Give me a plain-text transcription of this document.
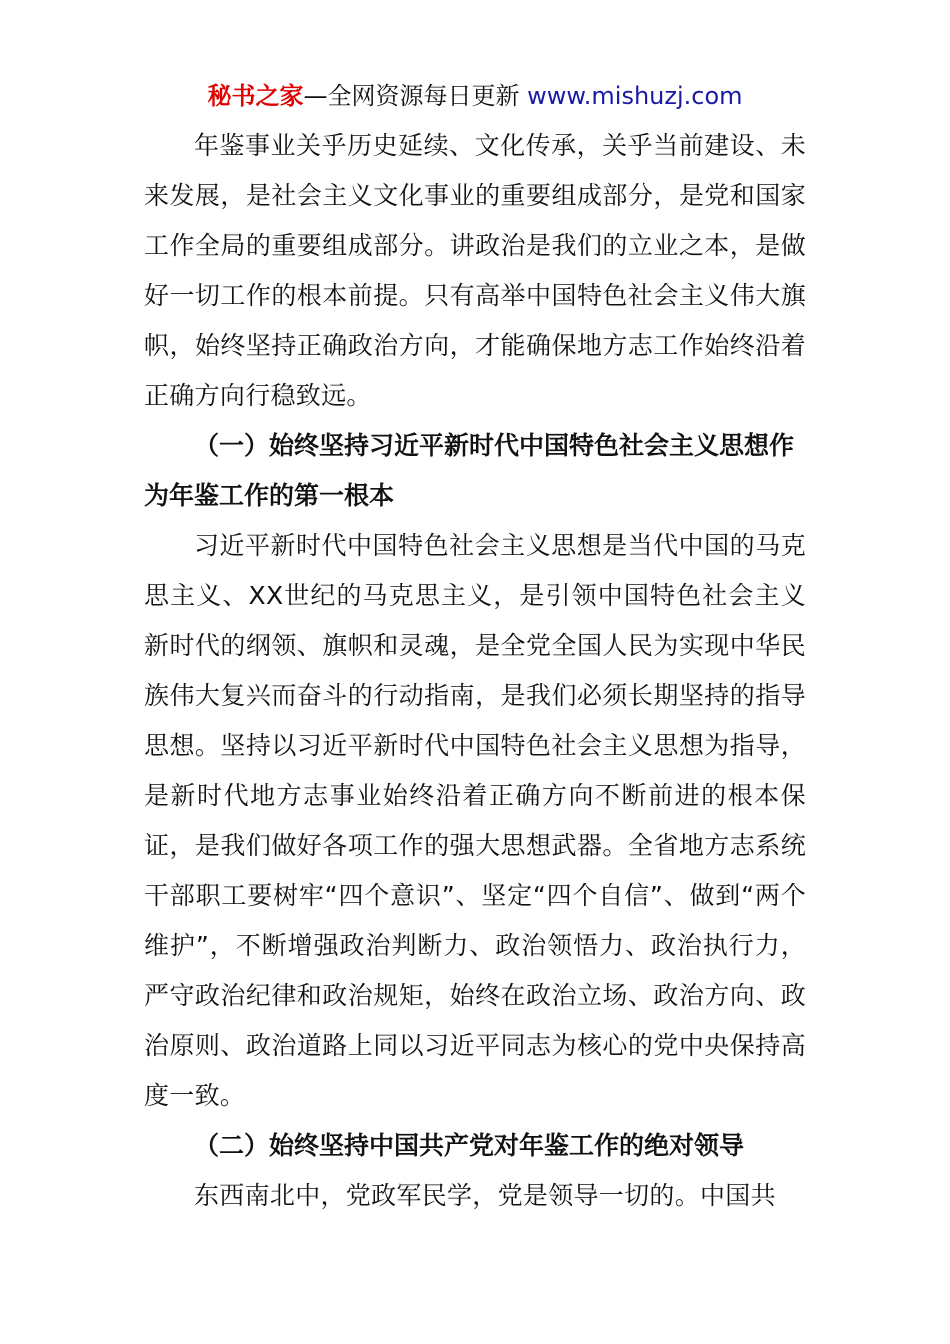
秘书之家—全网资源每日更新 www.mishuzj.com

年鉴事业关乎历史延续、文化传承，关乎当前建设、未来发展，是社会主义文化事业的重要组成部分，是党和国家工作全局的重要组成部分。讲政治是我们的立业之本，是做好一切工作的根本前提。只有高举中国特色社会主义伟大旗帜，始终坚持正确政治方向，才能确保地方志工作始终沿着正确方向行稳致远。

（一）始终坚持习近平新时代中国特色社会主义思想作为年鉴工作的第一根本

习近平新时代中国特色社会主义思想是当代中国的马克思主义、XX世纪的马克思主义，是引领中国特色社会主义新时代的纲领、旗帜和灵魂，是全党全国人民为实现中华民族伟大复兴而奋斗的行动指南，是我们必须长期坚持的指导思想。坚持以习近平新时代中国特色社会主义思想为指导，是新时代地方志事业始终沿着正确方向不断前进的根本保证，是我们做好各项工作的强大思想武器。全省地方志系统干部职工要树牢“四个意识”、坚定“四个自信”、做到“两个维护”，不断增强政治判断力、政治领悟力、政治执行力，严守政治纪律和政治规矩，始终在政治立场、政治方向、政治原则、政治道路上同以习近平同志为核心的党中央保持高度一致。

（二）始终坚持中国共产党对年鉴工作的绝对领导

东西南北中，党政军民学，党是领导一切的。中国共
